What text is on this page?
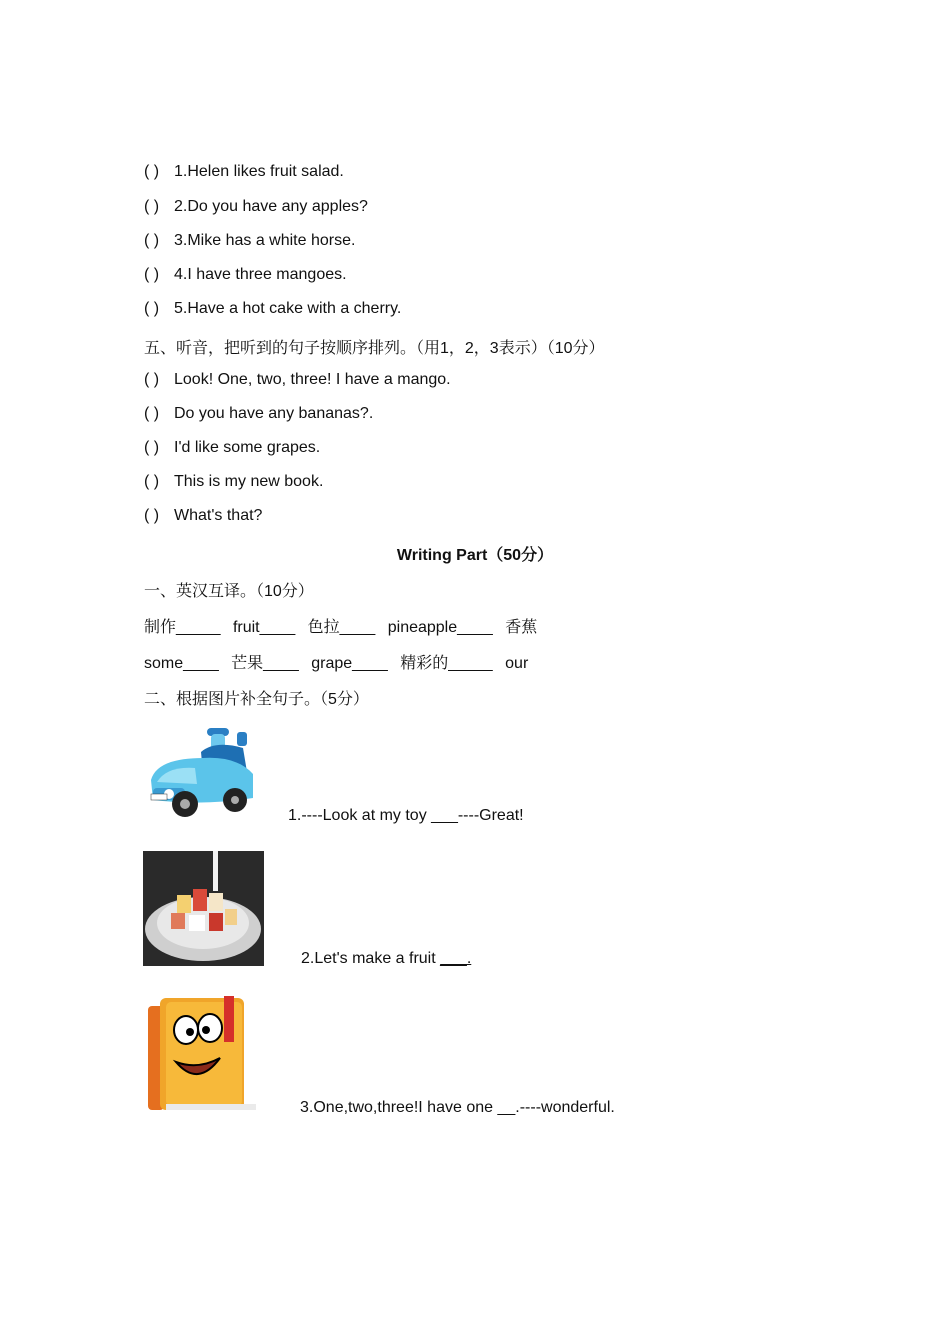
( ) 1.Helen likes fruit salad.
( ) 2.Do you have any apples?
( ) 3.Mike has a white horse.
( ) 4.I have three mangoes.
( ) 5.Have a hot cake with a cherry.
五、听音，把听到的句子按顺序排列。（用1，2，3表示）（10分）
( ) Look! One, two, three! I have a mango.
( ) Do you have any bananas?.
( ) I'd like some grapes.
( ) This is my new book.
( ) What's that?
Writing Part（50分）
一、英汉互译。（10分）
制作_____ fruit____ 色拉____ pineapple____ 香蕉
some____ 芒果____ grape____ 精彩的_____ our
二、根据图片补全句子。（5分）
1.----Look at my toy ___----Great!
2.Let's make a fruit ___.
3.One,two,three!I have one __.----wonderful.
